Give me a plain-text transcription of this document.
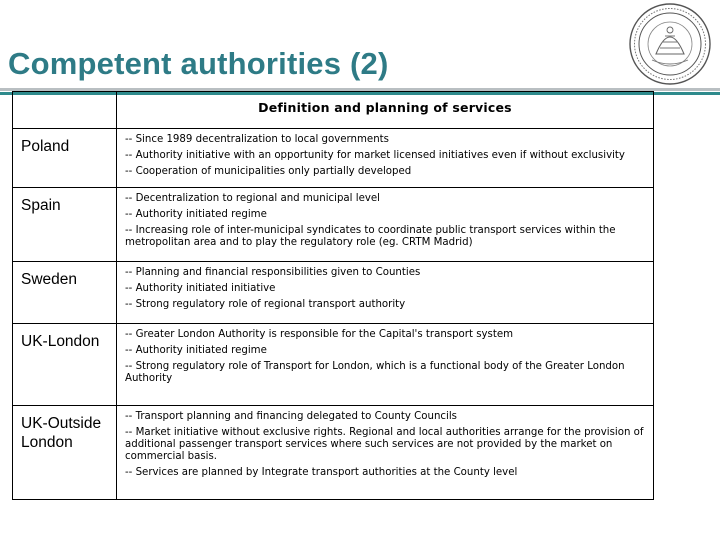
Competent authorities (2)
	Definition and planning of services
Poland	-- Since 1989 decentralization to local governments
-- Authority initiative with an opportunity for market licensed initiatives even if without exclusivity
-- Cooperation of municipalities only partially developed

Spain	-- Decentralization to regional and municipal level
-- Authority initiated regime
-- Increasing role of inter-municipal syndicates to coordinate public transport services within the metropolitan area and to play the regulatory role (eg. CRTM Madrid)

Sweden	-- Planning and financial responsibilities given to Counties
-- Authority initiated initiative
-- Strong regulatory role of regional transport authority

UK-London	-- Greater London Authority is responsible for the Capital's transport system
-- Authority initiated regime
-- Strong regulatory role of Transport for London, which is a functional body of the Greater London Authority

UK-Outside London	-- Transport planning and financing delegated to County Councils
-- Market initiative without exclusive rights. Regional and local authorities arrange for the provision of additional passenger transport services where such services are not provided by the market on commercial basis.
-- Services are planned by Integrate transport authorities at the County level
